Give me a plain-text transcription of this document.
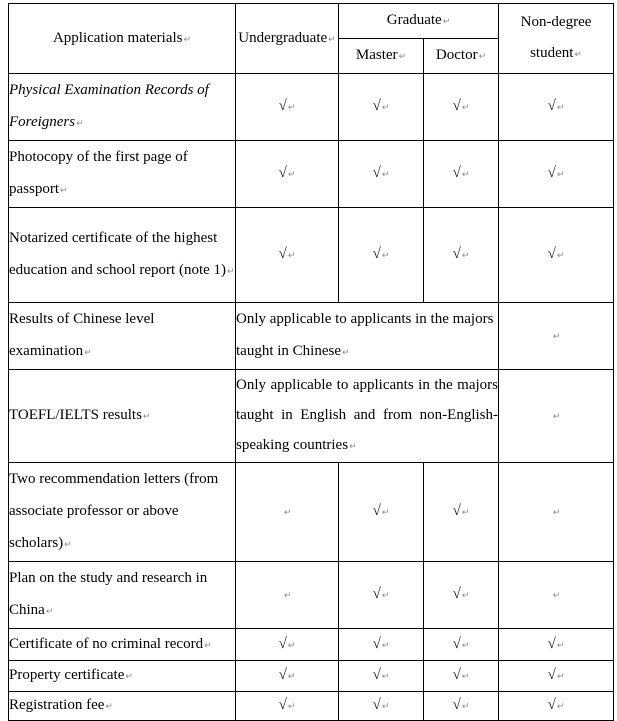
Application materials↵	Undergraduate↵	Graduate↵		Non-degree student↵
		Master↵	Doctor↵	
Physical Examination Records of Foreigners↵	√↵	√↵	√↵	√↵
Photocopy of the first page of passport↵	√↵	√↵	√↵	√↵
Notarized certificate of the highest education and school report (note 1)↵	√↵	√↵	√↵	√↵
Results of Chinese level examination↵	Only applicable to applicants in the majors taught in Chinese↵			↵
TOEFL/IELTS results↵	Only applicable to applicants in the majors taught in English and from non-English-speaking countries↵			↵
Two recommendation letters (from associate professor or above scholars)↵	↵	√↵	√↵	↵
Plan on the study and research in China↵	↵	√↵	√↵	↵
Certificate of no criminal record↵	√↵	√↵	√↵	√↵
Property certificate↵	√↵	√↵	√↵	√↵
Registration fee↵	√↵	√↵	√↵	√↵
